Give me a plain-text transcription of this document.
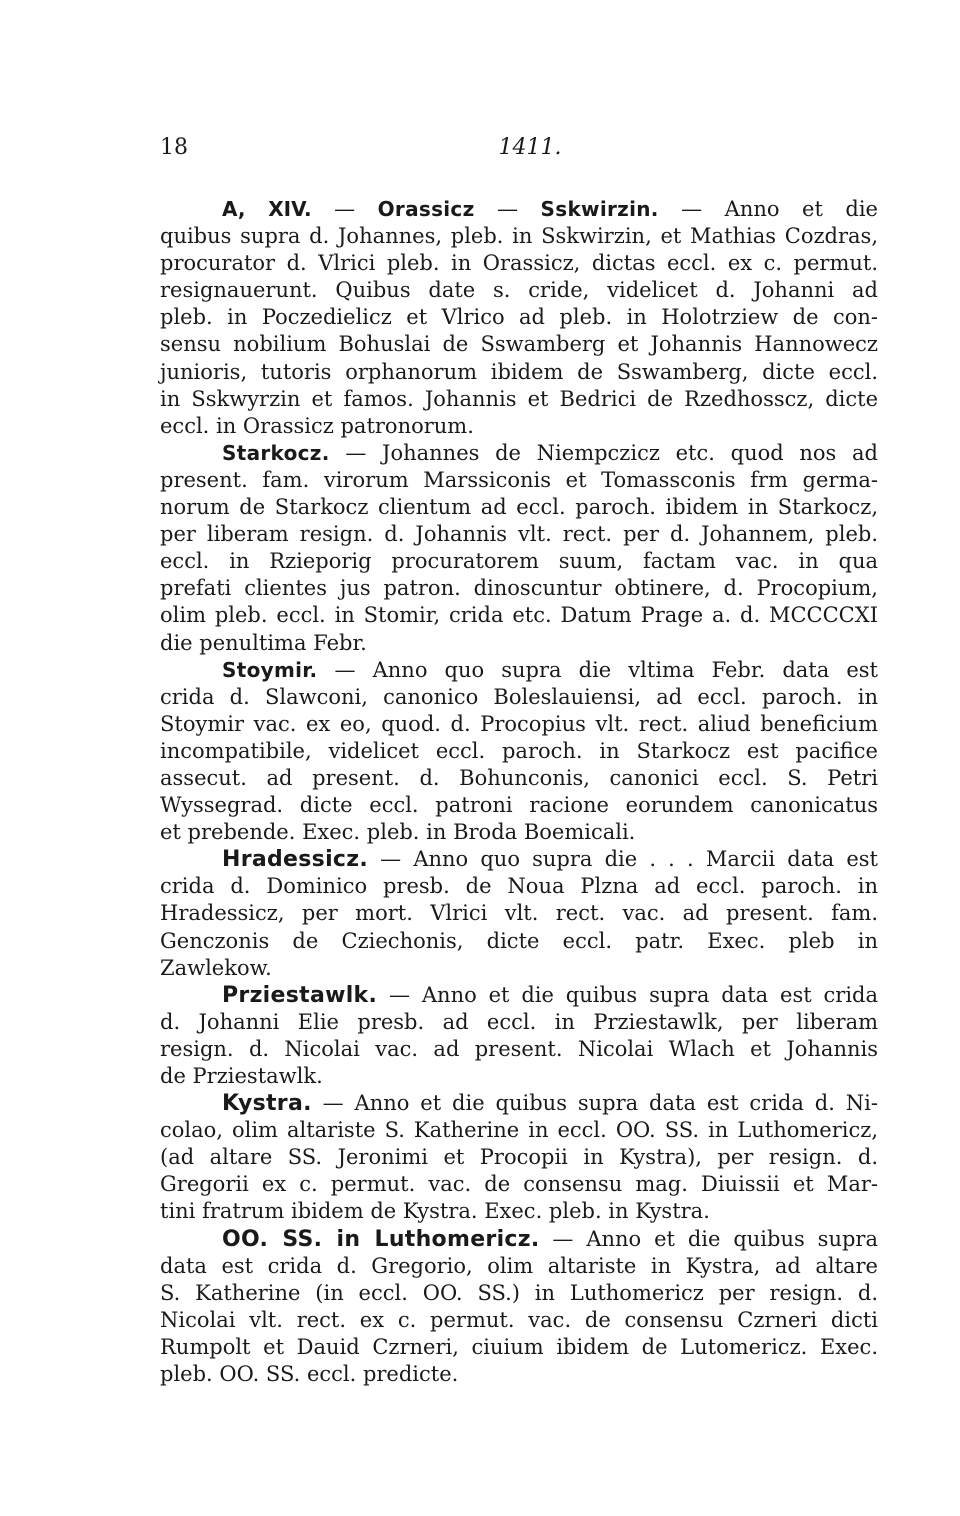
18	1411.
A, XIV. — Orassicz — Sskwirzin. — Anno et die
quibus supra d. Johannes, pleb. in Sskwirzin, et Mathias Cozdras,
procurator d. Vlrici pleb. in Orassicz, dictas eccl. ex c. permut.
resignauerunt. Quibus date s. cride, videlicet d. Johanni ad
pleb. in Poczedielicz et Vlrico ad pleb. in Holotrziew de con-
sensu nobilium Bohuslai de Sswamberg et Johannis Hannowecz
junioris, tutoris orphanorum ibidem de Sswamberg, dicte eccl.
in Sskwyrzin et famos. Johannis et Bedrici de Rzedhosscz, dicte
eccl. in Orassicz patronorum.
Starkocz. — Johannes de Niempczicz etc. quod nos ad
present. fam. virorum Marssiconis et Tomassconis frm germa-
norum de Starkocz clientum ad eccl. paroch. ibidem in Starkocz,
per liberam resign. d. Johannis vlt. rect. per d. Johannem, pleb.
eccl. in Rzieporig procuratorem suum, factam vac. in qua
prefati clientes jus patron. dinoscuntur obtinere, d. Procopium,
olim pleb. eccl. in Stomir, crida etc. Datum Prage a. d. MCCCCXI
die penultima Febr.
Stoymir. — Anno quo supra die vltima Febr. data est
crida d. Slawconi, canonico Boleslauiensi, ad eccl. paroch. in
Stoymir vac. ex eo, quod. d. Procopius vlt. rect. aliud beneficium
incompatibile, videlicet eccl. paroch. in Starkocz est pacifice
assecut. ad present. d. Bohunconis, canonici eccl. S. Petri
Wyssegrad. dicte eccl. patroni racione eorundem canonicatus
et prebende. Exec. pleb. in Broda Boemicali.
Hradessicz. — Anno quo supra die . . . Marcii data est
crida d. Dominico presb. de Noua Plzna ad eccl. paroch. in
Hradessicz, per mort. Vlrici vlt. rect. vac. ad present. fam.
Genczonis de Cziechonis, dicte eccl. patr. Exec. pleb in
Zawlekow.
Prziestawlk. — Anno et die quibus supra data est crida
d. Johanni Elie presb. ad eccl. in Prziestawlk, per liberam
resign. d. Nicolai vac. ad present. Nicolai Wlach et Johannis
de Prziestawlk.
Kystra. — Anno et die quibus supra data est crida d. Ni-
colao, olim altariste S. Katherine in eccl. OO. SS. in Luthomericz,
(ad altare SS. Jeronimi et Procopii in Kystra), per resign. d.
Gregorii ex c. permut. vac. de consensu mag. Diuissii et Mar-
tini fratrum ibidem de Kystra. Exec. pleb. in Kystra.
OO. SS. in Luthomericz. — Anno et die quibus supra
data est crida d. Gregorio, olim altariste in Kystra, ad altare
S. Katherine (in eccl. OO. SS.) in Luthomericz per resign. d.
Nicolai vlt. rect. ex c. permut. vac. de consensu Czrneri dicti
Rumpolt et Dauid Czrneri, ciuium ibidem de Lutomericz. Exec.
pleb. OO. SS. eccl. predicte.
